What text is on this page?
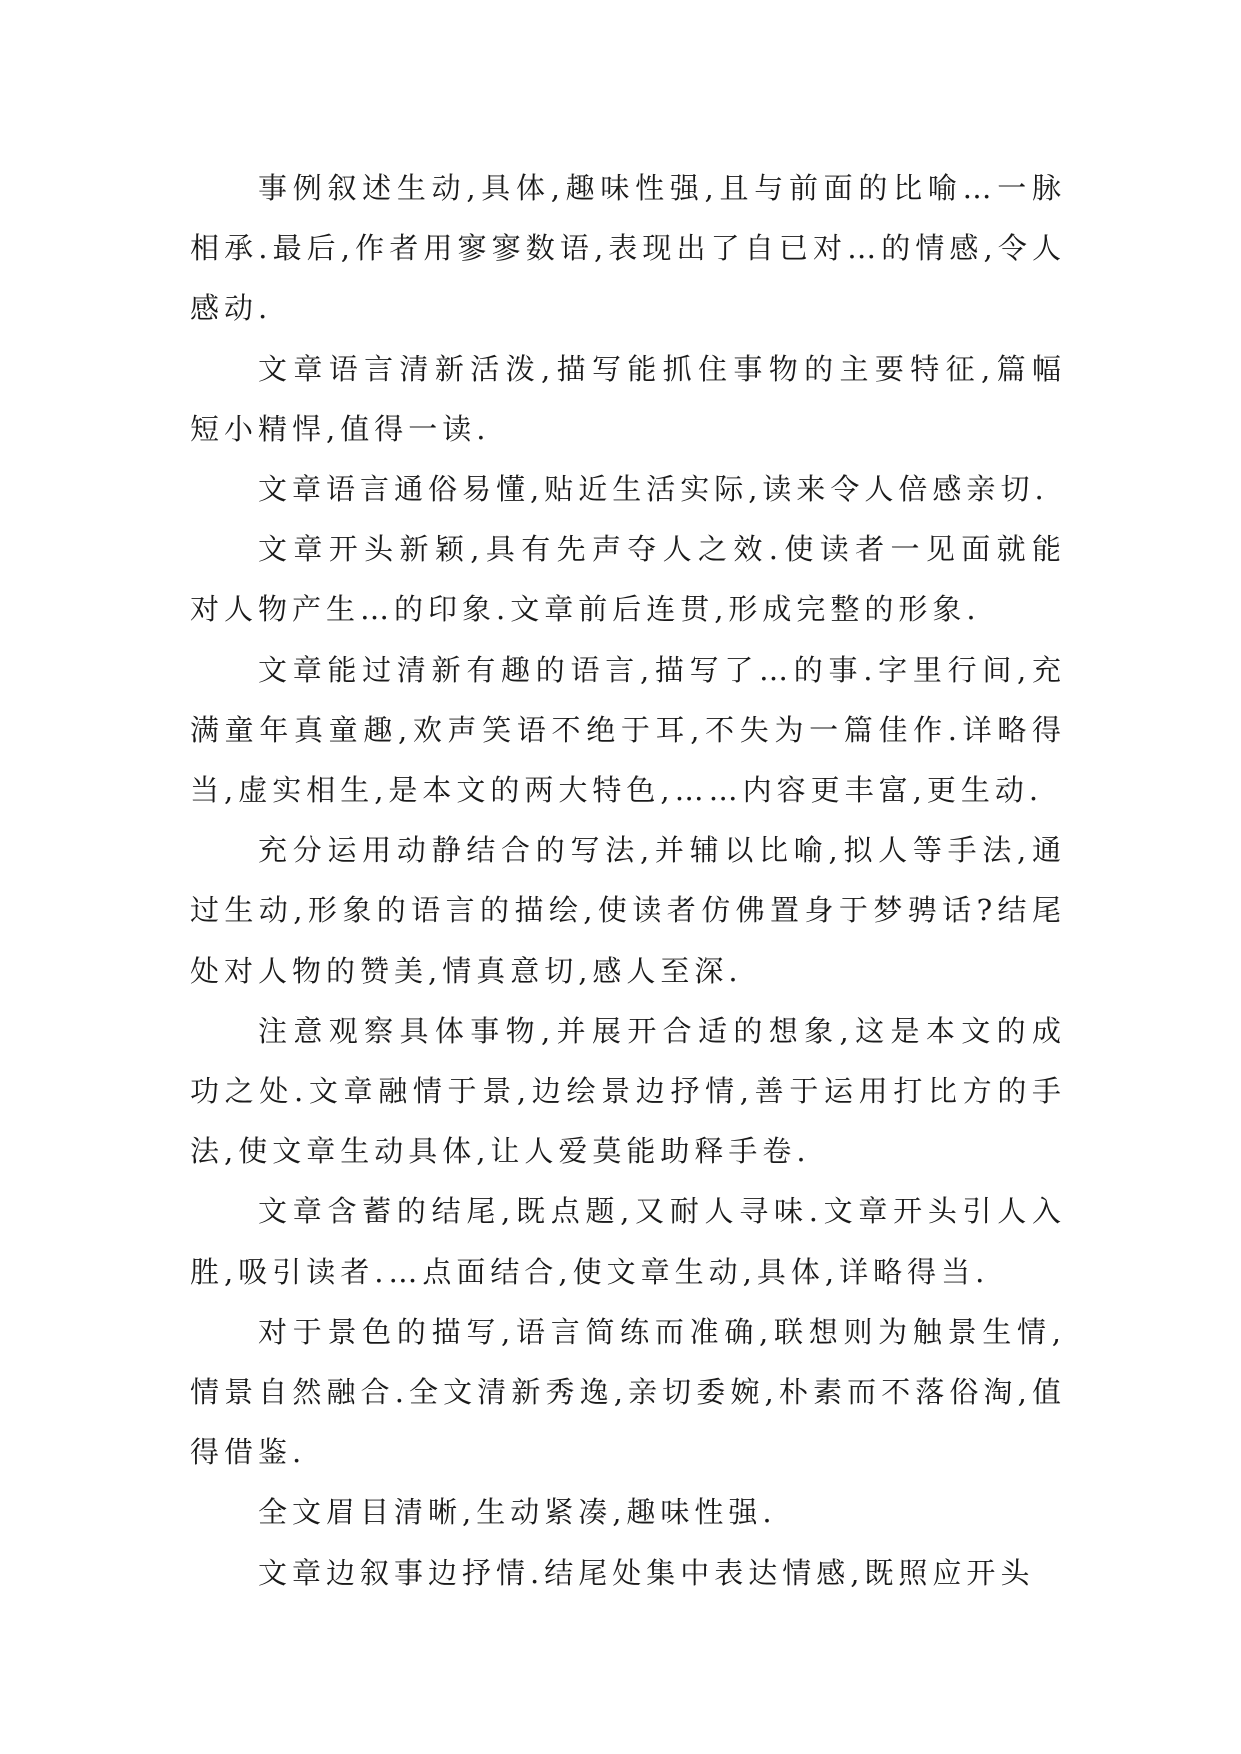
事例叙述生动,具体,趣味性强,且与前面的比喻…一脉相承.最后,作者用寥寥数语,表现出了自已对…的情感,令人感动.

文章语言清新活泼,描写能抓住事物的主要特征,篇幅短小精悍,值得一读.

文章语言通俗易懂,贴近生活实际,读来令人倍感亲切.

文章开头新颖,具有先声夺人之效.使读者一见面就能对人物产生…的印象.文章前后连贯,形成完整的形象.

文章能过清新有趣的语言,描写了…的事.字里行间,充满童年真童趣,欢声笑语不绝于耳,不失为一篇佳作.详略得当,虚实相生,是本文的两大特色,……内容更丰富,更生动.

充分运用动静结合的写法,并辅以比喻,拟人等手法,通过生动,形象的语言的描绘,使读者仿佛置身于梦骋话?结尾处对人物的赞美,情真意切,感人至深.

注意观察具体事物,并展开合适的想象,这是本文的成功之处.文章融情于景,边绘景边抒情,善于运用打比方的手法,使文章生动具体,让人爱莫能助释手卷.

文章含蓄的结尾,既点题,又耐人寻味.文章开头引人入胜,吸引读者.…点面结合,使文章生动,具体,详略得当.

对于景色的描写,语言简练而准确,联想则为触景生情,情景自然融合.全文清新秀逸,亲切委婉,朴素而不落俗淘,值得借鉴.

全文眉目清晰,生动紧凑,趣味性强.

文章边叙事边抒情.结尾处集中表达情感,既照应开头
